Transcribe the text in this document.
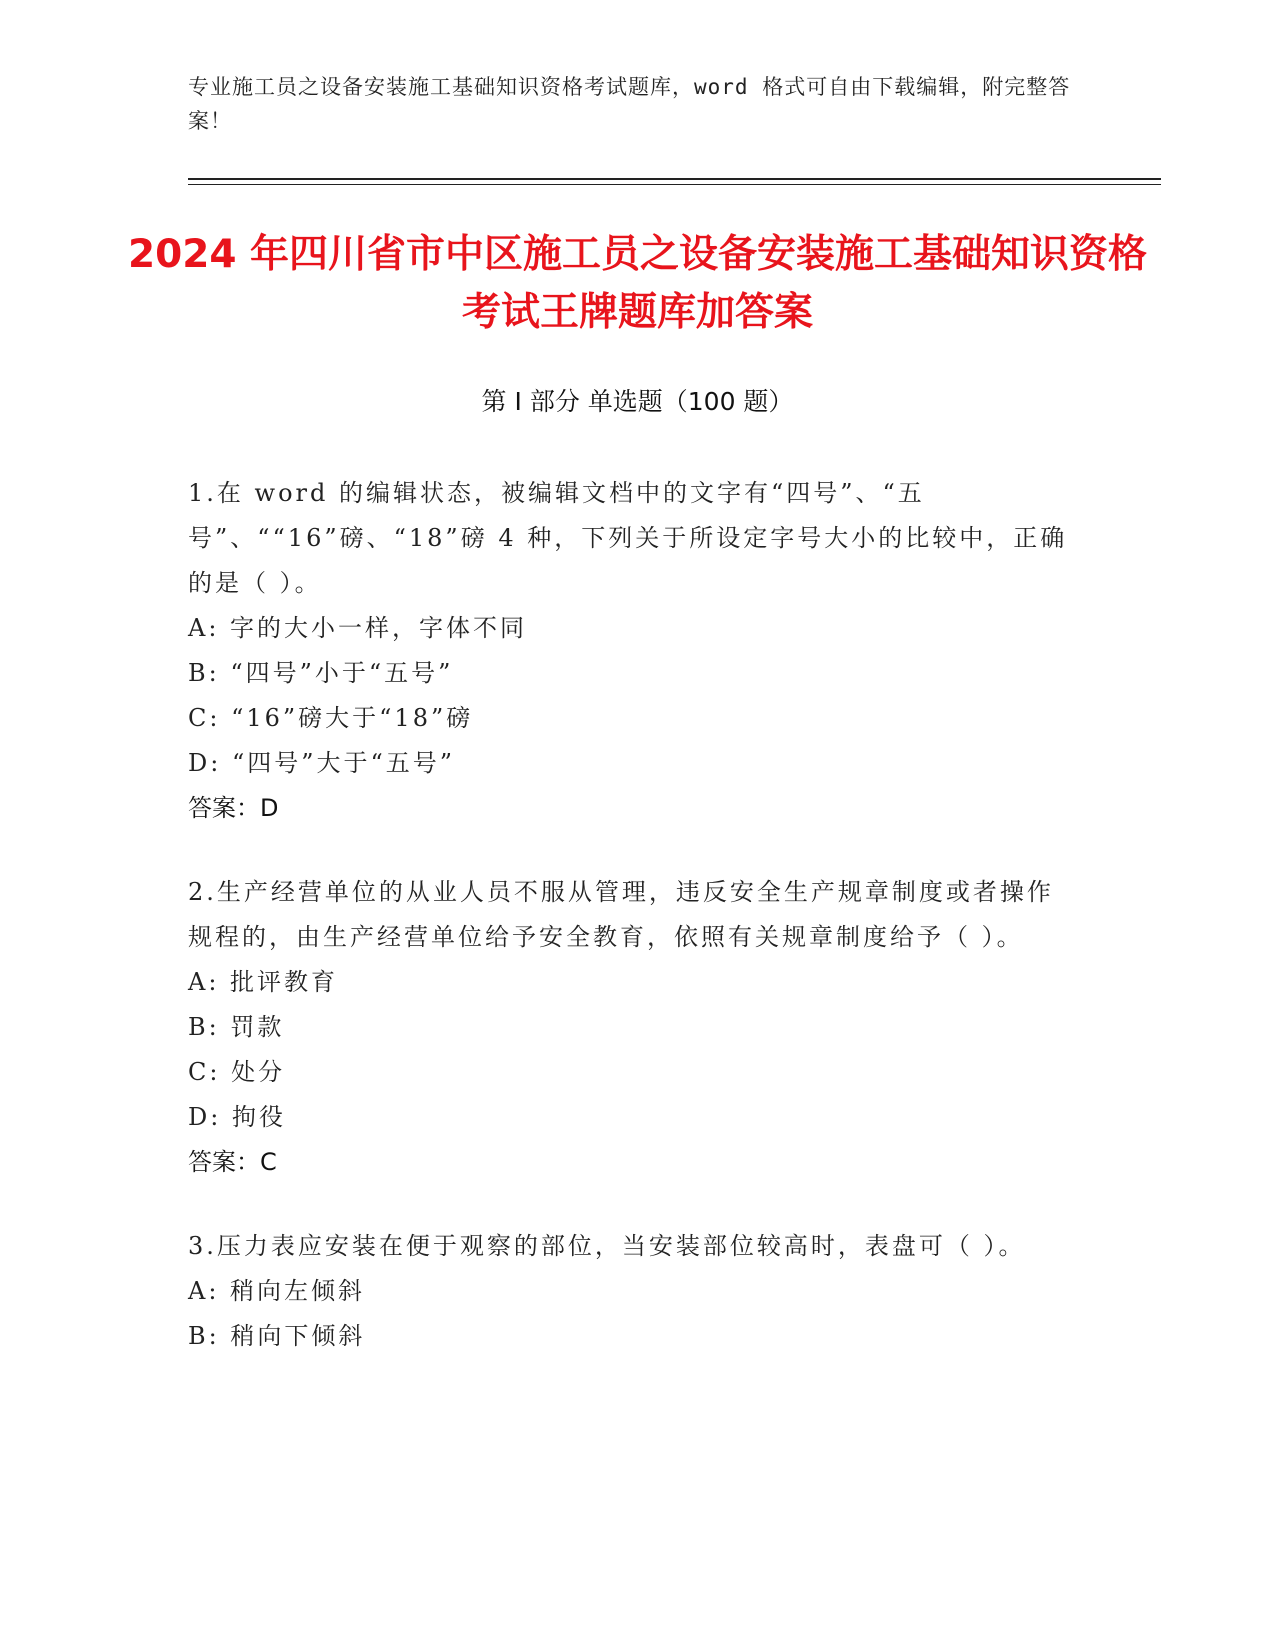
专业施工员之设备安装施工基础知识资格考试题库，word 格式可自由下载编辑，附完整答案！
2024 年四川省市中区施工员之设备安装施工基础知识资格考试王牌题库加答案
第 I 部分 单选题（100 题）
1.在 word 的编辑状态，被编辑文档中的文字有“四号”、“五号”、““16”磅、“18”磅 4 种，下列关于所设定字号大小的比较中，正确的是（ ）。
A: 字的大小一样，字体不同
B: “四号”小于“五号”
C: “16”磅大于“18”磅
D: “四号”大于“五号”
答案：D
2.生产经营单位的从业人员不服从管理，违反安全生产规章制度或者操作规程的，由生产经营单位给予安全教育，依照有关规章制度给予（ ）。
A: 批评教育
B: 罚款
C: 处分
D: 拘役
答案：C
3.压力表应安装在便于观察的部位，当安装部位较高时，表盘可（ ）。
A: 稍向左倾斜
B: 稍向下倾斜
